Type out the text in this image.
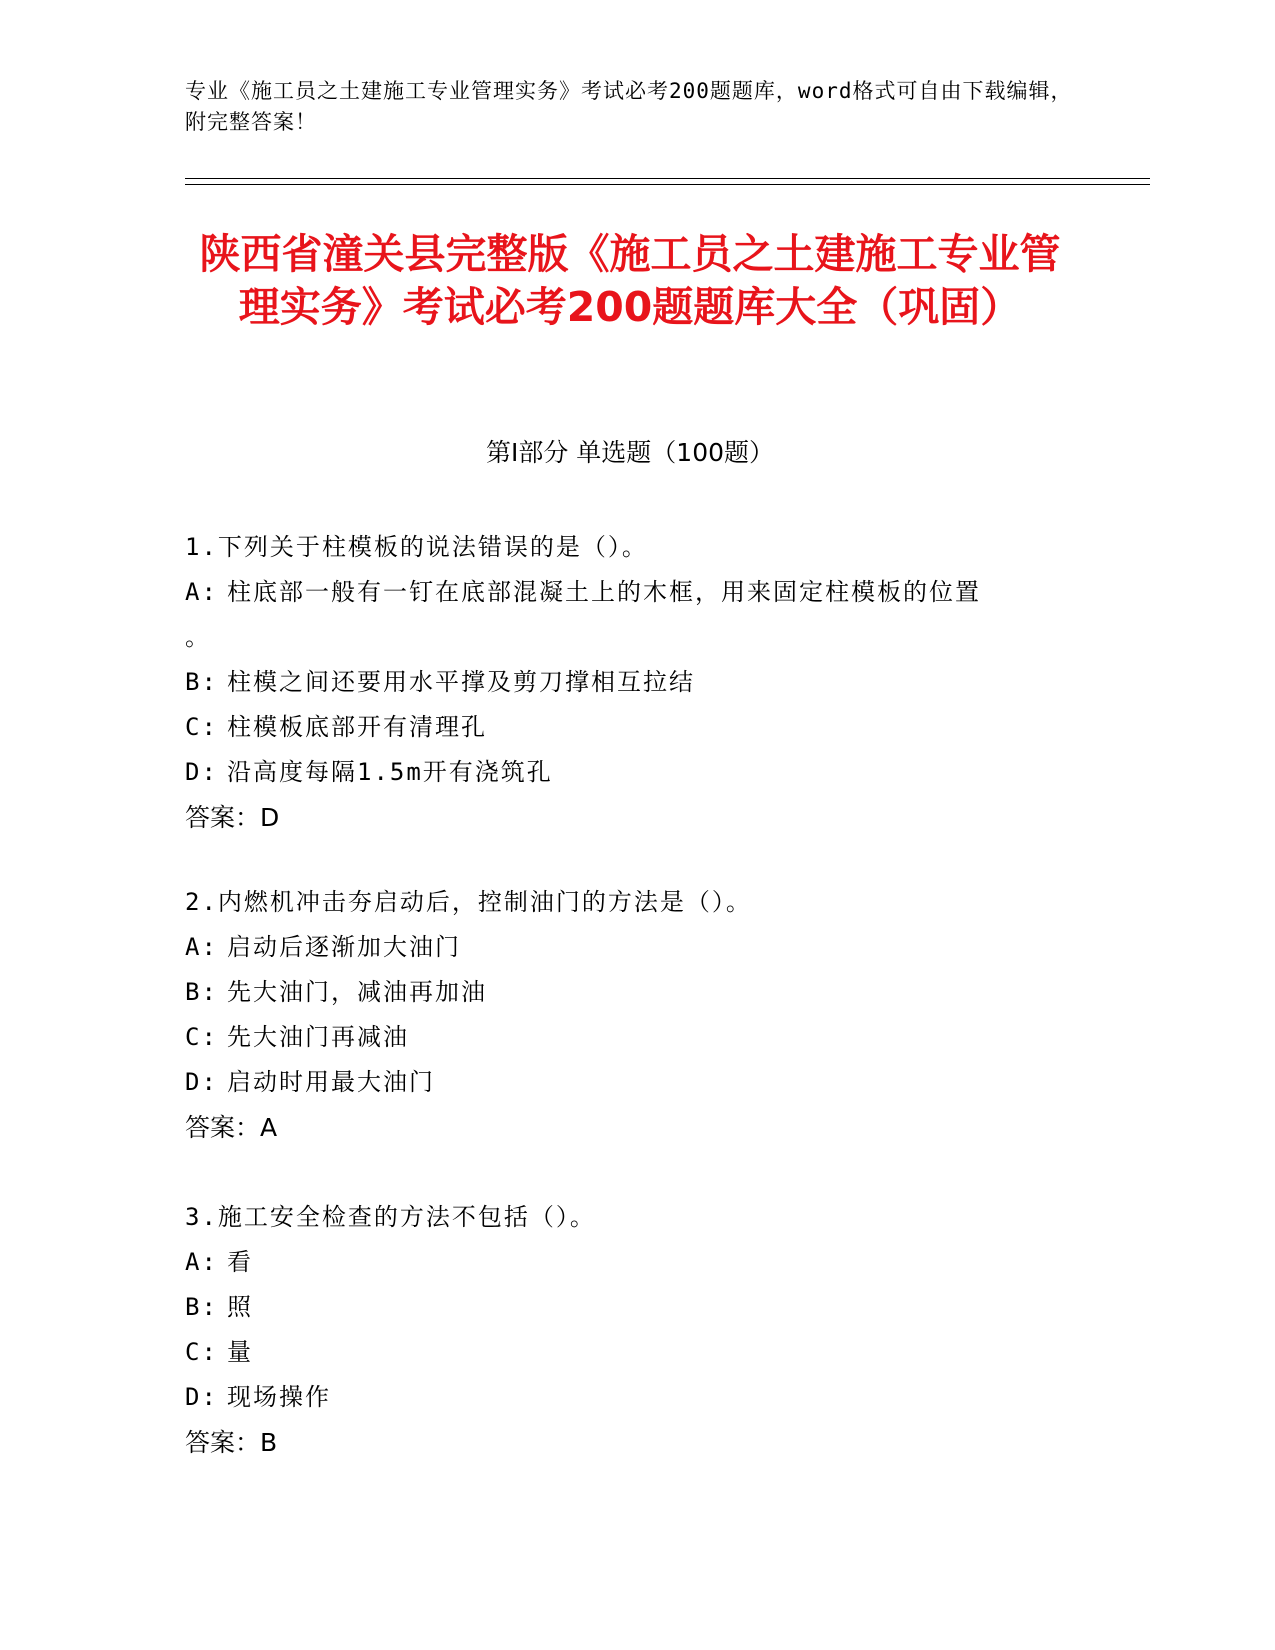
专业《施工员之土建施工专业管理实务》考试必考200题题库，word格式可自由下载编辑，附完整答案！
陕西省潼关县完整版《施工员之土建施工专业管理实务》考试必考200题题库大全（巩固）
第Ⅰ部分 单选题（100题）
1.下列关于柱模板的说法错误的是（）。
A: 柱底部一般有一钉在底部混凝土上的木框，用来固定柱模板的位置
。
B: 柱模之间还要用水平撑及剪刀撑相互拉结
C: 柱模板底部开有清理孔
D: 沿高度每隔1.5m开有浇筑孔
答案：D
2.内燃机冲击夯启动后，控制油门的方法是（）。
A: 启动后逐渐加大油门
B: 先大油门，减油再加油
C: 先大油门再减油
D: 启动时用最大油门
答案：A
3.施工安全检查的方法不包括（）。
A: 看
B: 照
C: 量
D: 现场操作
答案：B
